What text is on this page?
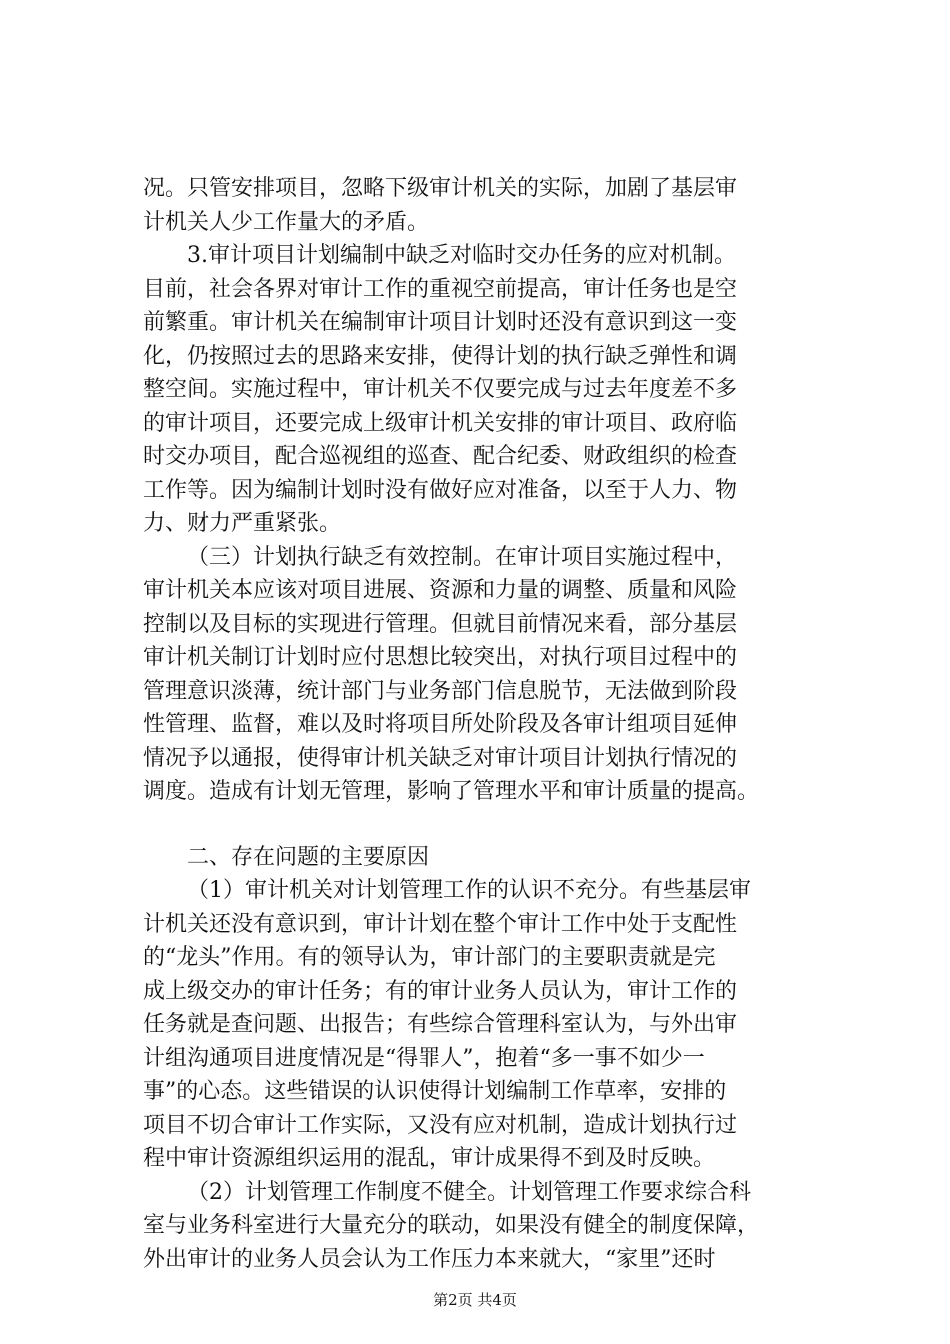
况。只管安排项目，忽略下级审计机关的实际，加剧了基层审
计机关人少工作量大的矛盾。
3.审计项目计划编制中缺乏对临时交办任务的应对机制。
目前，社会各界对审计工作的重视空前提高，审计任务也是空
前繁重。审计机关在编制审计项目计划时还没有意识到这一变
化，仍按照过去的思路来安排，使得计划的执行缺乏弹性和调
整空间。实施过程中，审计机关不仅要完成与过去年度差不多
的审计项目，还要完成上级审计机关安排的审计项目、政府临
时交办项目，配合巡视组的巡查、配合纪委、财政组织的检查
工作等。因为编制计划时没有做好应对准备，以至于人力、物
力、财力严重紧张。
（三）计划执行缺乏有效控制。在审计项目实施过程中，
审计机关本应该对项目进展、资源和力量的调整、质量和风险
控制以及目标的实现进行管理。但就目前情况来看，部分基层
审计机关制订计划时应付思想比较突出，对执行项目过程中的
管理意识淡薄，统计部门与业务部门信息脱节，无法做到阶段
性管理、监督，难以及时将项目所处阶段及各审计组项目延伸
情况予以通报，使得审计机关缺乏对审计项目计划执行情况的
调度。造成有计划无管理，影响了管理水平和审计质量的提高。
二、存在问题的主要原因
（1）审计机关对计划管理工作的认识不充分。有些基层审
计机关还没有意识到，审计计划在整个审计工作中处于支配性
的“龙头”作用。有的领导认为，审计部门的主要职责就是完
成上级交办的审计任务；有的审计业务人员认为，审计工作的
任务就是查问题、出报告；有些综合管理科室认为，与外出审
计组沟通项目进度情况是“得罪人”，抱着“多一事不如少一
事”的心态。这些错误的认识使得计划编制工作草率，安排的
项目不切合审计工作实际，又没有应对机制，造成计划执行过
程中审计资源组织运用的混乱，审计成果得不到及时反映。
（2）计划管理工作制度不健全。计划管理工作要求综合科
室与业务科室进行大量充分的联动，如果没有健全的制度保障，
外出审计的业务人员会认为工作压力本来就大，“家里”还时
第2页 共4页
